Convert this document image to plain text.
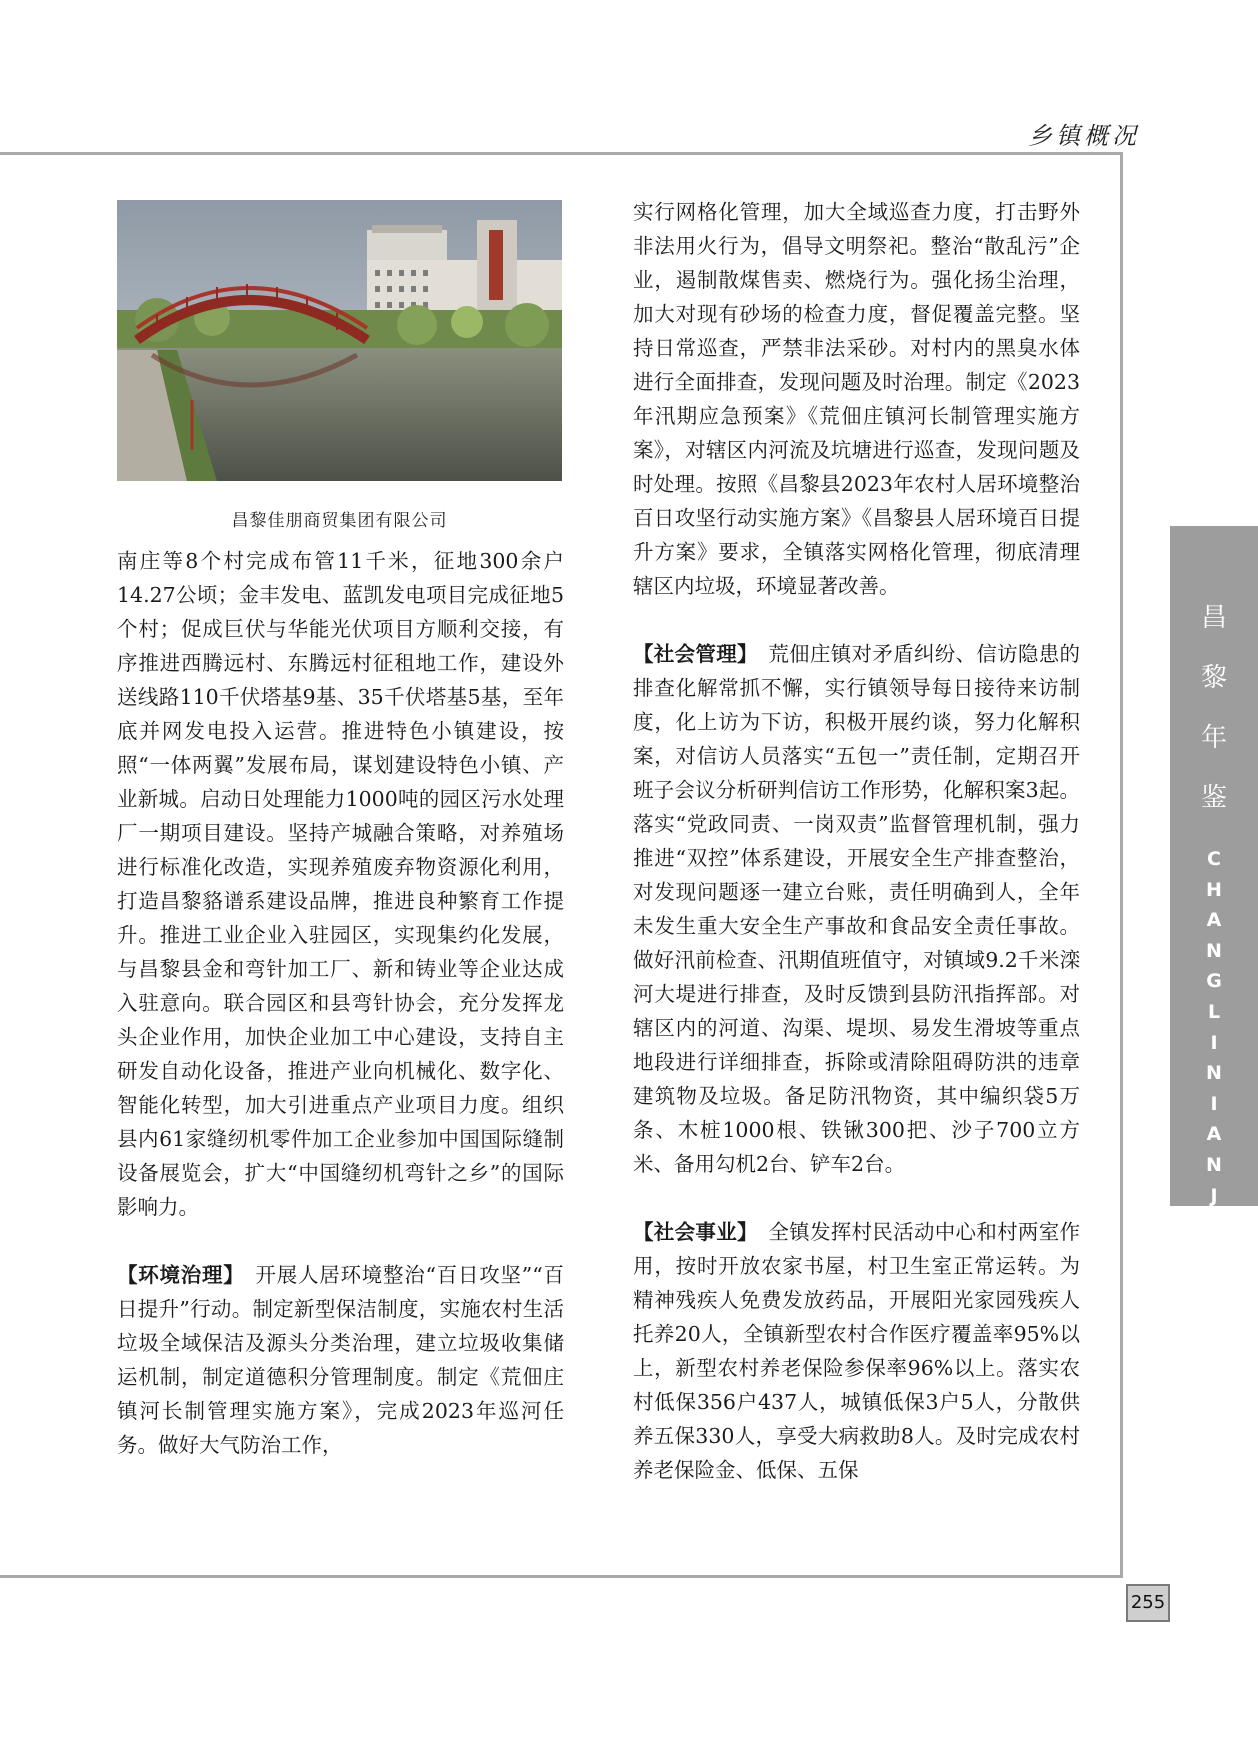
乡镇概况
昌黎佳朋商贸集团有限公司

南庄等8个村完成布管11千米，征地300余户14.27公顷；金丰发电、蓝凯发电项目完成征地5个村；促成巨伏与华能光伏项目方顺利交接，有序推进西腾远村、东腾远村征租地工作，建设外送线路110千伏塔基9基、35千伏塔基5基，至年底并网发电投入运营。推进特色小镇建设，按照“一体两翼”发展布局，谋划建设特色小镇、产业新城。启动日处理能力1000吨的园区污水处理厂一期项目建设。坚持产城融合策略，对养殖场进行标准化改造，实现养殖废弃物资源化利用，打造昌黎貉谱系建设品牌，推进良种繁育工作提升。推进工业企业入驻园区，实现集约化发展，与昌黎县金和弯针加工厂、新和铸业等企业达成入驻意向。联合园区和县弯针协会，充分发挥龙头企业作用，加快企业加工中心建设，支持自主研发自动化设备，推进产业向机械化、数字化、智能化转型，加大引进重点产业项目力度。组织县内61家缝纫机零件加工企业参加中国国际缝制设备展览会，扩大“中国缝纫机弯针之乡”的国际影响力。

【环境治理】　 开展人居环境整治“百日攻坚”“百日提升”行动。制定新型保洁制度，实施农村生活垃圾全域保洁及源头分类治理，建立垃圾收集储运机制，制定道德积分管理制度。制定《荒佃庄镇河长制管理实施方案》，完成2023年巡河任务。做好大气防治工作，

实行网格化管理，加大全域巡查力度，打击野外非法用火行为，倡导文明祭祀。整治“散乱污”企业，遏制散煤售卖、燃烧行为。强化扬尘治理，加大对现有砂场的检查力度，督促覆盖完整。坚持日常巡查，严禁非法采砂。对村内的黑臭水体进行全面排查，发现问题及时治理。制定《2023年汛期应急预案》《荒佃庄镇河长制管理实施方案》，对辖区内河流及坑塘进行巡查，发现问题及时处理。按照《昌黎县2023年农村人居环境整治百日攻坚行动实施方案》《昌黎县人居环境百日提升方案》要求，全镇落实网格化管理，彻底清理辖区内垃圾，环境显著改善。

【社会管理】　 荒佃庄镇对矛盾纠纷、信访隐患的排查化解常抓不懈，实行镇领导每日接待来访制度，化上访为下访，积极开展约谈，努力化解积案，对信访人员落实“五包一”责任制，定期召开班子会议分析研判信访工作形势，化解积案3起。落实“党政同责、一岗双责”监督管理机制，强力推进“双控”体系建设，开展安全生产排查整治，对发现问题逐一建立台账，责任明确到人，全年未发生重大安全生产事故和食品安全责任事故。做好汛前检查、汛期值班值守，对镇域9.2千米滦河大堤进行排查，及时反馈到县防汛指挥部。对辖区内的河道、沟渠、堤坝、易发生滑坡等重点地段进行详细排查，拆除或清除阻碍防洪的违章建筑物及垃圾。备足防汛物资，其中编织袋5万条、木桩1000根、铁锹300把、沙子700立方米、备用勾机2台、铲车2台。

【社会事业】　 全镇发挥村民活动中心和村两室作用，按时开放农家书屋，村卫生室正常运转。为精神残疾人免费发放药品，开展阳光家园残疾人托养20人，全镇新型农村合作医疗覆盖率95%以上，新型农村养老保险参保率96%以上。落实农村低保356户437人，城镇低保3户5人，分散供养五保330人，享受大病救助8人。及时完成农村养老保险金、低保、五保

昌
黎
年
鉴
C
H
A
N
G
L
I
N
I
A
N
J
I
A
N
255
